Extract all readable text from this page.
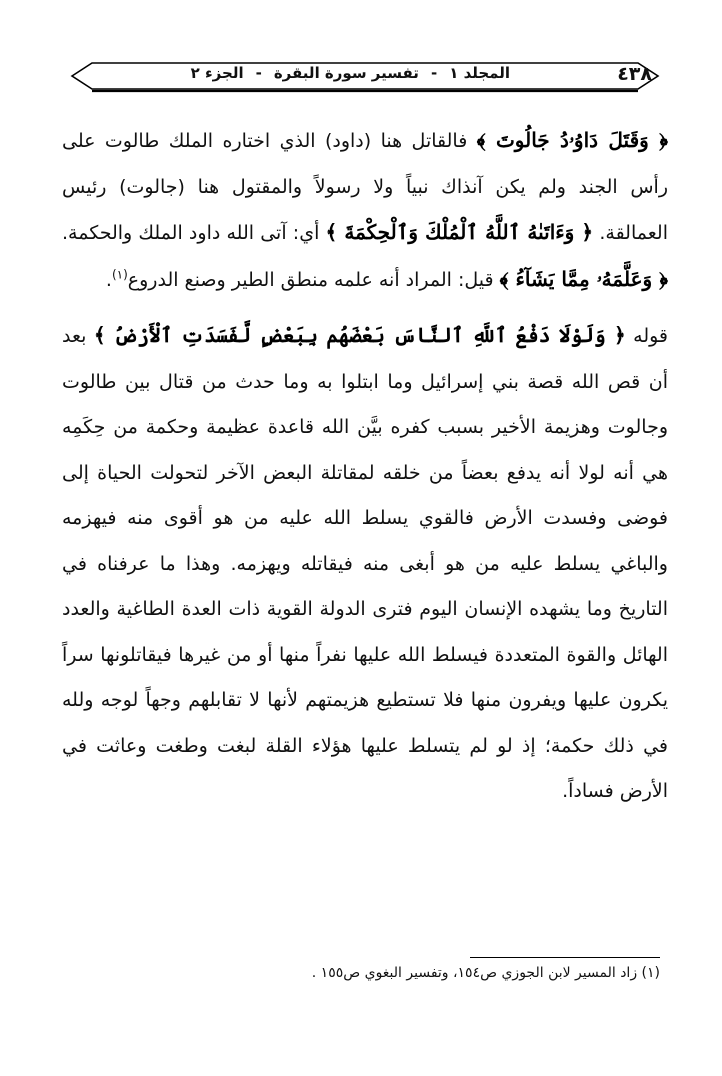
٤٣٨
المجلد ١-تفسير سورة البقرة-الجزء ٢

﴿ وَقَتَلَ دَاوُۥدُ جَالُوتَ ﴾ فالقاتل هنا (داود) الذي اختاره الملك طالوت على رأس الجند ولم يكن آنذاك نبياً ولا رسولاً والمقتول هنا (جالوت) رئيس العمالقة. ﴿ وَءَاتَىٰهُ ٱللَّهُ ٱلْمُلْكَ وَٱلْحِكْمَةَ ﴾ أي: آتى الله داود الملك والحكمة. ﴿ وَعَلَّمَهُۥ مِمَّا يَشَآءُ ﴾ قيل: المراد أنه علمه منطق الطير وصنع الدروع$^{(١)}$.

قوله ﴿ وَلَوْلَا دَفْعُ ٱللَّهِ ٱلنَّاسَ بَعْضَهُم بِبَعْضٍ لَّفَسَدَتِ ٱلْأَرْضُ ﴾ بعد أن قص الله قصة بني إسرائيل وما ابتلوا به وما حدث من قتال بين طالوت وجالوت وهزيمة الأخير بسبب كفره بيَّن الله قاعدة عظيمة وحكمة من حِكَمِه هي أنه لولا أنه يدفع بعضاً من خلقه لمقاتلة البعض الآخر لتحولت الحياة إلى فوضى وفسدت الأرض فالقوي يسلط الله عليه من هو أقوى منه فيهزمه والباغي يسلط عليه من هو أبغى منه فيقاتله ويهزمه. وهذا ما عرفناه في التاريخ وما يشهده الإنسان اليوم فترى الدولة القوية ذات العدة الطاغية والعدد الهائل والقوة المتعددة فيسلط الله عليها نفراً منها أو من غيرها فيقاتلونها سراً يكرون عليها ويفرون منها فلا تستطيع هزيمتهم لأنها لا تقابلهم وجهاً لوجه ولله في ذلك حكمة؛ إذ لو لم يتسلط عليها هؤلاء القلة لبغت وطغت وعاثت في الأرض فساداً.

(١) زاد المسير لابن الجوزي ص١٥٤، وتفسير البغوي ص١٥٥ .
